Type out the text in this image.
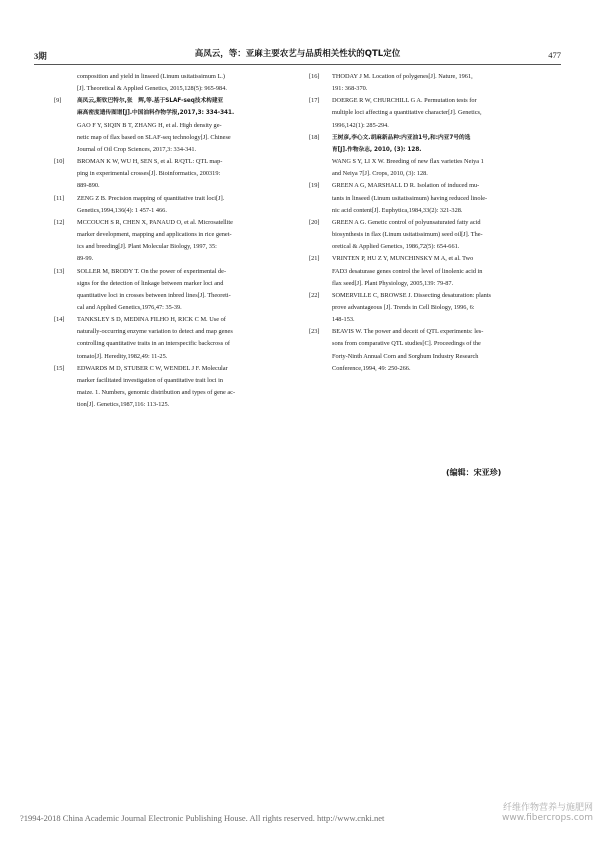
3期	高凤云，等：亚麻主要农艺与品质相关性状的QTL定位	477
composition and yield in linseed (Linum usitatissimum L.)
[J]. Theoretical & Applied Genetics, 2015,128(5): 965-984.
[9]	高凤云,斯钦巴特尔,张　辉,等.基于SLAF-seq技术构建亚
麻高密度遗传图谱[J].中国油料作物学报,2017,3: 334-341.
GAO F Y, SIQIN B T, ZHANG H, et al. High density ge-
netic map of flax based on SLAF-seq technology[J]. Chinese
Journal of Oil Crop Sciences, 2017,3: 334-341.
[10] BROMAN K W, WU H, SEN S, et al. R/QTL: QTL map-
ping in experimental crosses[J]. Bioinformatics, 200319:
889-890.
[11] ZENG Z B. Precision mapping of quantitative trait loci[J].
Genetics,1994,136(4): 1 457-1 466.
[12] MCCOUCH S R, CHEN X, PANAUD O, et al. Microsatellite
marker development, mapping and applications in rice genet-
ics and breeding[J]. Plant Molecular Biology, 1997, 35:
89-99.
[13] SOLLER M, BRODY T. On the power of experimental de-
signs for the detection of linkage between marker loci and
quantitative loci in crosses between inbred lines[J]. Theoreti-
cal and Applied Genetics,1976,47: 35-39.
[14] TANKSLEY S D, MEDINA FILHO H, RICK C M. Use of
naturally-occurring enzyme variation to detect and map genes
controlling quantitative traits in an interspecific backcross of
tomato[J]. Heredity,1982,49: 11-25.
[15] EDWARDS M D, STUBER C W, WENDEL J F. Molecular
marker facilitated investigation of quantitative trait loci in
maize. 1. Numbers, genomic distribution and types of gene ac-
tion[J]. Genetics,1987,116: 113-125.
[16] THODAY J M. Location of polygenes[J]. Nature, 1961,
191: 368-370.
[17] DOERGE R W, CHURCHILL G A. Permutation tests for
multiple loci affecting a quantitative character[J]. Genetics,
1996,142(1): 285-294.
[18] 王树彦,李心文.胡麻新品种:内亚油1号,和:内亚7号的选
育[J].作物杂志, 2010, (3): 128.
WANG S Y, LI X W. Breeding of new flax varieties Neiya 1
and Neiya 7[J]. Crops, 2010, (3): 128.
[19] GREEN A G, MARSHALL D R. Isolation of induced mu-
tants in linseed (Linum usitatissimum) having reduced linole-
nic acid content[J]. Euphytica,1984,33(2): 321-328.
[20] GREEN A G. Genetic control of polyunsaturated fatty acid
biosynthesis in flax (Linum usitatissimum) seed oil[J]. The-
oretical & Applied Genetics, 1986,72(5): 654-661.
[21] VRINTEN P, HU Z Y, MUNCHINSKY M A, et al. Two
FAD3 desaturase genes control the level of linolenic acid in
flax seed[J]. Plant Physiology, 2005,139: 79-87.
[22] SOMERVILLE C, BROWSE J. Dissecting desaturation: plants
prove advantageous [J]. Trends in Cell Biology, 1996, 6:
148-153.
[23] BEAVIS W. The power and deceit of QTL experiments: les-
sons from comparative QTL studies[C]. Proceedings of the
Forty-Ninth Annual Corn and Sorghum Industry Research
Conference,1994, 49: 250-266.
(编辑：宋亚珍)
?1994-2018 China Academic Journal Electronic Publishing House. All rights reserved. http://www.cnki.net
纤维作物营养与施肥网
www.fibercrops.com
